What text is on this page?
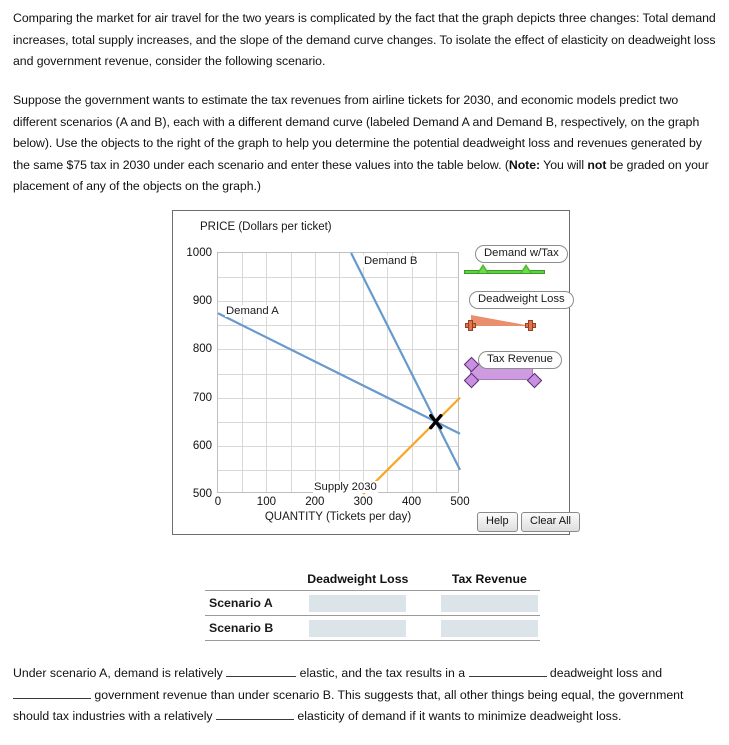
Comparing the market for air travel for the two years is complicated by the fact that the graph depicts three changes: Total demand increases, total supply increases, and the slope of the demand curve changes. To isolate the effect of elasticity on deadweight loss and government revenue, consider the following scenario.
Suppose the government wants to estimate the tax revenues from airline tickets for 2030, and economic models predict two different scenarios (A and B), each with a different demand curve (labeled Demand A and Demand B, respectively, on the graph below). Use the objects to the right of the graph to help you determine the potential deadweight loss and revenues generated by the same $75 tax in 2030 under each scenario and enter these values into the table below. (Note: You will not be graded on your placement of any of the objects on the graph.)
PRICE (Dollars per ticket)
1000
900
800
700
600
500
0	100	200	300	400	500
Demand A
Demand B
Supply 2030
QUANTITY (Tickets per day)
Demand w/Tax
Deadweight Loss
Tax Revenue
Help	Clear All
	Deadweight Loss		Tax Revenue
Scenario A	

Scenario B	

Under scenario A, demand is relatively	elastic, and the tax results in a	deadweight loss and  government revenue than under scenario B. This suggests that, all other things being equal, the government should tax industries with a relatively	elasticity of demand if it wants to minimize deadweight loss.
